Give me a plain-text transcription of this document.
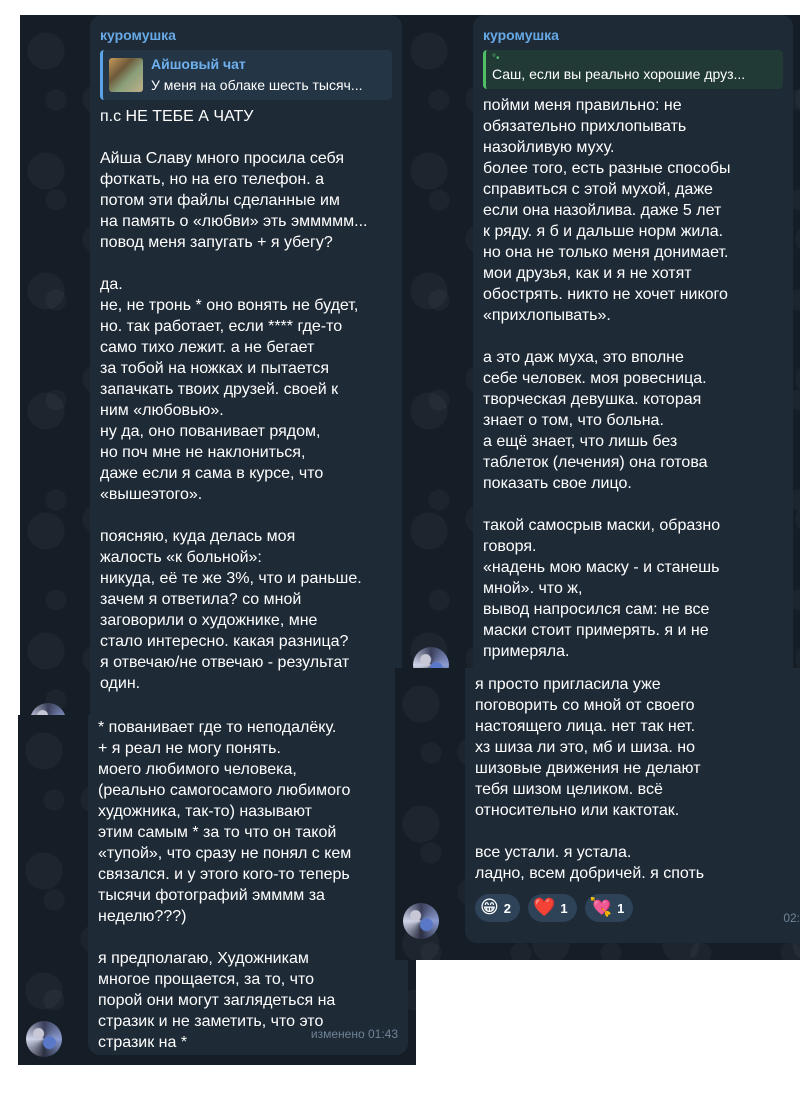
куромушка
Айшовый чат
У меня на облаке шесть тысяч...

п.с НЕ ТЕБЕ А ЧАТУ

Айша Славу много просила себя
фоткать, но на его телефон. а
потом эти файлы сделанные им
на память о «любви» эть эммммм...
повод меня запугать + я убегу?

да.
не, не тронь * оно вонять не будет,
но. так работает, если **** где-то
само тихо лежит. а не бегает
за тобой на ножках и пытается
запачкать твоих друзей. своей к
ним «любовью».
ну да, оно пованивает рядом,
но поч мне не наклониться,
даже если я сама в курсе, что
«вышеэтого».

поясняю, куда делась моя
жалость «к больной»:
никуда, её те же 3%, что и раньше.
зачем я ответила? со мной
заговорили о художнике, мне
стало интересно. какая разница?
я отвечаю/не отвечаю - результат
один.

* пованивает где то неподалёку.
+ я реал не могу понять.
моего любимого человека,
(реально самогосамого любимого
художника, так-то) называют
этим самым * за то что он такой
«тупой», что сразу не понял с кем
связался. и у этого кого-то теперь
тысячи фотографий эмммм за
неделю???)

я предполагаю, Художникам
многое прощается, за то, что
порой они могут заглядеться на
стразик и не заметить, что это
стразик на *	изменено 01:43
куромушка
°•
Саш, если вы реально хорошие друз...

пойми меня правильно: не
обязательно прихлопывать
назойливую муху.
более того, есть разные способы
справиться с этой мухой, даже
если она назойлива. даже 5 лет
к ряду. я б и дальше норм жила.
но она не только меня донимает.
мои друзья, как и я не хотят
обострять. никто не хочет никого
«прихлопывать».

а это даж муха, это вполне
себе человек. моя ровесница.
творческая девушка. которая
знает о том, что больна.
а ещё знает, что лишь без
таблеток (лечения) она готова
показать свое лицо.

такой самосрыв маски, образно
говоря.
«надень мою маску - и станешь
мной». что ж,
вывод напросился сам: не все
маски стоит примерять. я и не
примеряла.

я просто пригласила уже
поговорить со мной от своего
настоящего лица. нет так нет.
хз шиза ли это, мб и шиза. но
шизовые движения не делают
тебя шизом целиком. всё
относительно или кактотак.

все устали. я устала.
ладно, всем добричей. я споть

😁 2 ❤️ 1 💘 1
02:
